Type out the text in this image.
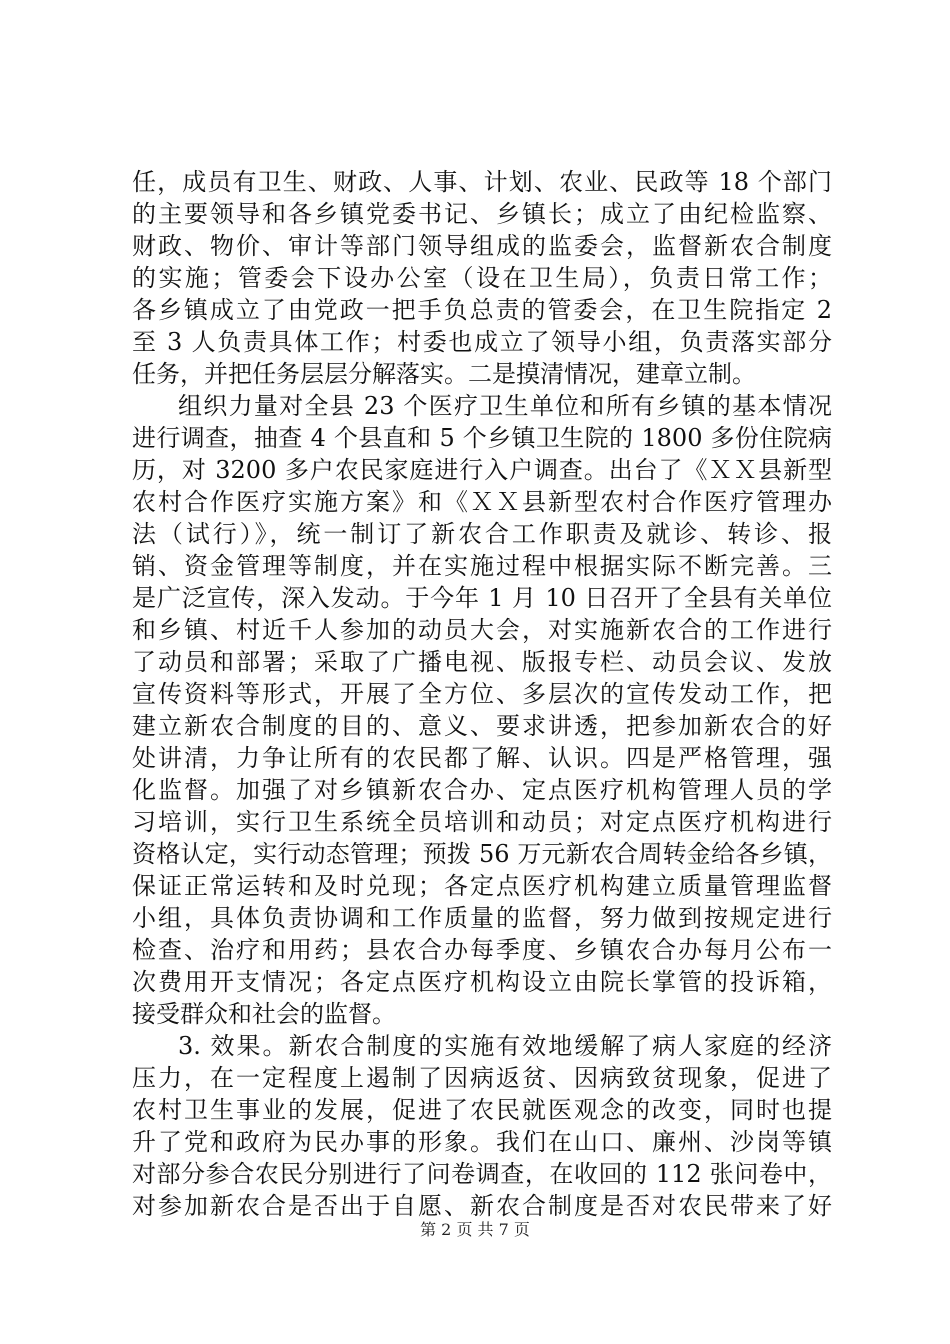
任，成员有卫生、财政、人事、计划、农业、民政等 18 个部门
的主要领导和各乡镇党委书记、乡镇长；成立了由纪检监察、
财政、物价、审计等部门领导组成的监委会，监督新农合制度
的实施；管委会下设办公室（设在卫生局），负责日常工作；
各乡镇成立了由党政一把手负总责的管委会，在卫生院指定 2
至 3 人负责具体工作；村委也成立了领导小组，负责落实部分
任务，并把任务层层分解落实。二是摸清情况，建章立制。
组织力量对全县 23 个医疗卫生单位和所有乡镇的基本情况
进行调查，抽查 4 个县直和 5 个乡镇卫生院的 1800 多份住院病
历，对 3200 多户农民家庭进行入户调查。出台了《ＸＸ县新型
农村合作医疗实施方案》和《ＸＸ县新型农村合作医疗管理办
法（试行）》，统一制订了新农合工作职责及就诊、转诊、报
销、资金管理等制度，并在实施过程中根据实际不断完善。三
是广泛宣传，深入发动。于今年 1 月 10 日召开了全县有关单位
和乡镇、村近千人参加的动员大会，对实施新农合的工作进行
了动员和部署；采取了广播电视、版报专栏、动员会议、发放
宣传资料等形式，开展了全方位、多层次的宣传发动工作，把
建立新农合制度的目的、意义、要求讲透，把参加新农合的好
处讲清，力争让所有的农民都了解、认识。四是严格管理，强
化监督。加强了对乡镇新农合办、定点医疗机构管理人员的学
习培训，实行卫生系统全员培训和动员；对定点医疗机构进行
资格认定，实行动态管理；预拨 56 万元新农合周转金给各乡镇，
保证正常运转和及时兑现；各定点医疗机构建立质量管理监督
小组，具体负责协调和工作质量的监督，努力做到按规定进行
检查、治疗和用药；县农合办每季度、乡镇农合办每月公布一
次费用开支情况；各定点医疗机构设立由院长掌管的投诉箱，
接受群众和社会的监督。
3. 效果。新农合制度的实施有效地缓解了病人家庭的经济
压力，在一定程度上遏制了因病返贫、因病致贫现象，促进了
农村卫生事业的发展，促进了农民就医观念的改变，同时也提
升了党和政府为民办事的形象。我们在山口、廉州、沙岗等镇
对部分参合农民分别进行了问卷调查，在收回的 112 张问卷中，
对参加新农合是否出于自愿、新农合制度是否对农民带来了好
第 2 页 共 7 页
